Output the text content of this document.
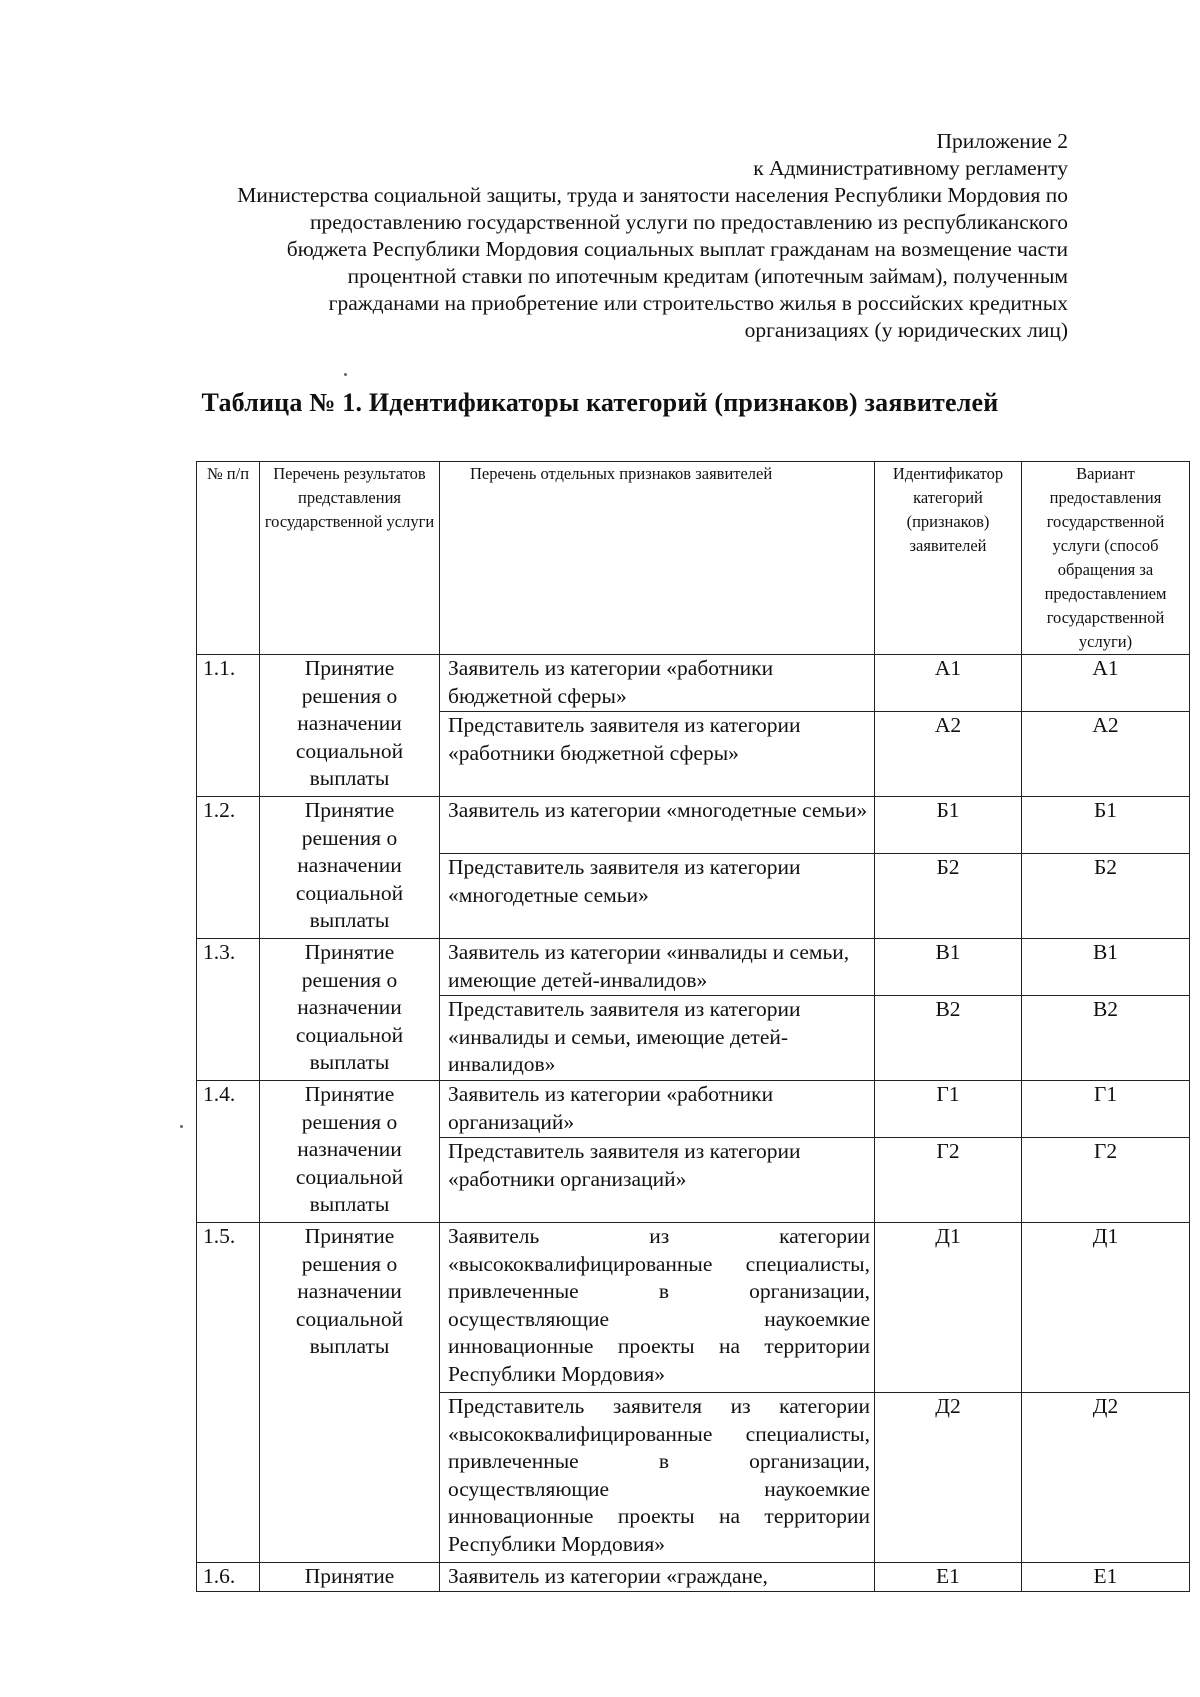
Приложение 2
к Административному регламенту
Министерства социальной защиты, труда и занятости населения Республики Мордовия по
предоставлению государственной услуги по предоставлению из республиканского
бюджета Республики Мордовия социальных выплат гражданам на возмещение части
процентной ставки по ипотечным кредитам (ипотечным займам), полученным
гражданами на приобретение или строительство жилья в российских кредитных
организациях (у юридических лиц)
Таблица № 1. Идентификаторы категорий (признаков) заявителей
№ п/п	Перечень результатов представления государственной услуги	Перечень отдельных признаков заявителей	Идентификатор категорий (признаков) заявителей	Вариант предоставления государственной услуги (способ обращения за предоставлением государственной услуги)
1.1.	Принятие решения о назначении социальной выплаты	Заявитель из категории «работники бюджетной сферы»	А1	А1
		Представитель заявителя из категории «работники бюджетной сферы»	А2	А2
1.2.	Принятие решения о назначении социальной выплаты	Заявитель из категории «многодетные семьи»	Б1	Б1
		Представитель заявителя из категории «многодетные семьи»	Б2	Б2
1.3.	Принятие решения о назначении социальной выплаты	Заявитель из категории «инвалиды и семьи, имеющие детей-инвалидов»	В1	В1
		Представитель заявителя из категории «инвалиды и семьи, имеющие детей-инвалидов»	В2	В2
1.4.	Принятие решения о назначении социальной выплаты	Заявитель из категории «работники организаций»	Г1	Г1
		Представитель заявителя из категории «работники организаций»	Г2	Г2
1.5.	Принятие решения о назначении социальной выплаты	Заявитель из категории «высококвалифицированные специалисты, привлеченные в организации, осуществляющие наукоемкие инновационные проекты на территории Республики Мордовия»	Д1	Д1
		Представитель заявителя из категории «высококвалифицированные специалисты, привлеченные в организации, осуществляющие наукоемкие инновационные проекты на территории Республики Мордовия»	Д2	Д2
1.6.	Принятие	Заявитель из категории «граждане,	Е1	Е1
